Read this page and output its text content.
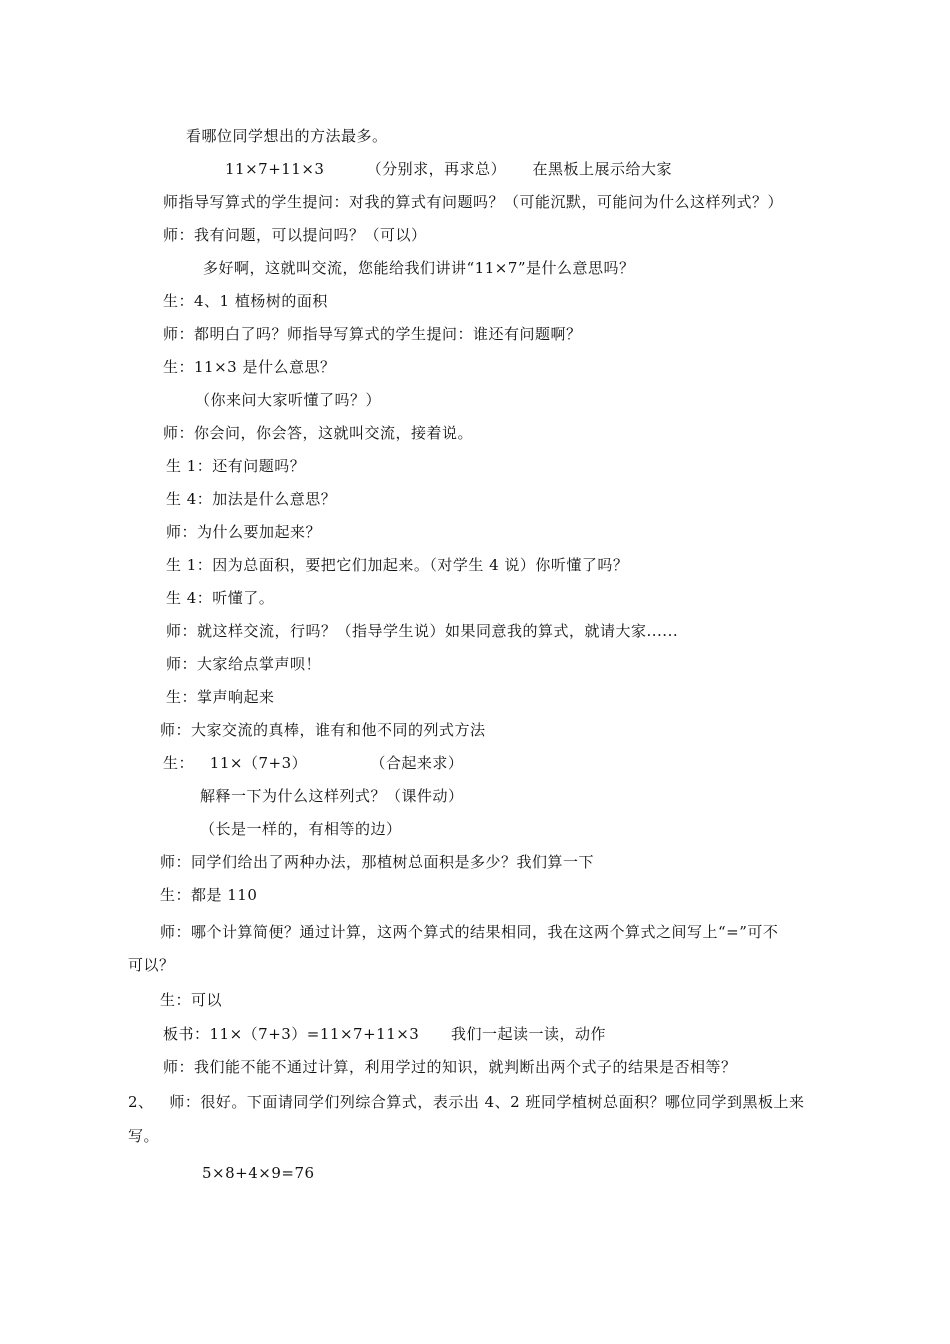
看哪位同学想出的方法最多。
11×7+11×3        （分别求，再求总）     在黑板上展示给大家
师指导写算式的学生提问：对我的算式有问题吗？（可能沉默，可能问为什么这样列式？）
师：我有问题，可以提问吗？（可以）
多好啊，这就叫交流，您能给我们讲讲“11×7”是什么意思吗？
生：4、1 植杨树的面积
师：都明白了吗？师指导写算式的学生提问：谁还有问题啊？
生：11×3 是什么意思？
（你来问大家听懂了吗？）
师：你会问，你会答，这就叫交流，接着说。
生 1：还有问题吗？
生 4：加法是什么意思？
师：为什么要加起来？
生 1：因为总面积，要把它们加起来。（对学生 4 说）你听懂了吗？
生 4：听懂了。
师：就这样交流，行吗？（指导学生说）如果同意我的算式，就请大家......
师：大家给点掌声呗！
生：掌声响起来
师：大家交流的真棒，谁有和他不同的列式方法
生：   11×（7+3）            （合起来求）
解释一下为什么这样列式？（课件动）
（长是一样的，有相等的边）
师：同学们给出了两种办法，那植树总面积是多少？我们算一下
生：都是 110
师：哪个计算简便？通过计算，这两个算式的结果相同，我在这两个算式之间写上“=”可不
可以？
生：可以
板书：11×（7+3）=11×7+11×3      我们一起读一读，动作
师：我们能不能不通过计算，利用学过的知识，就判断出两个式子的结果是否相等？
2、   师：很好。下面请同学们列综合算式，表示出 4、2 班同学植树总面积？哪位同学到黑板上来
写。
5×8+4×9=76
